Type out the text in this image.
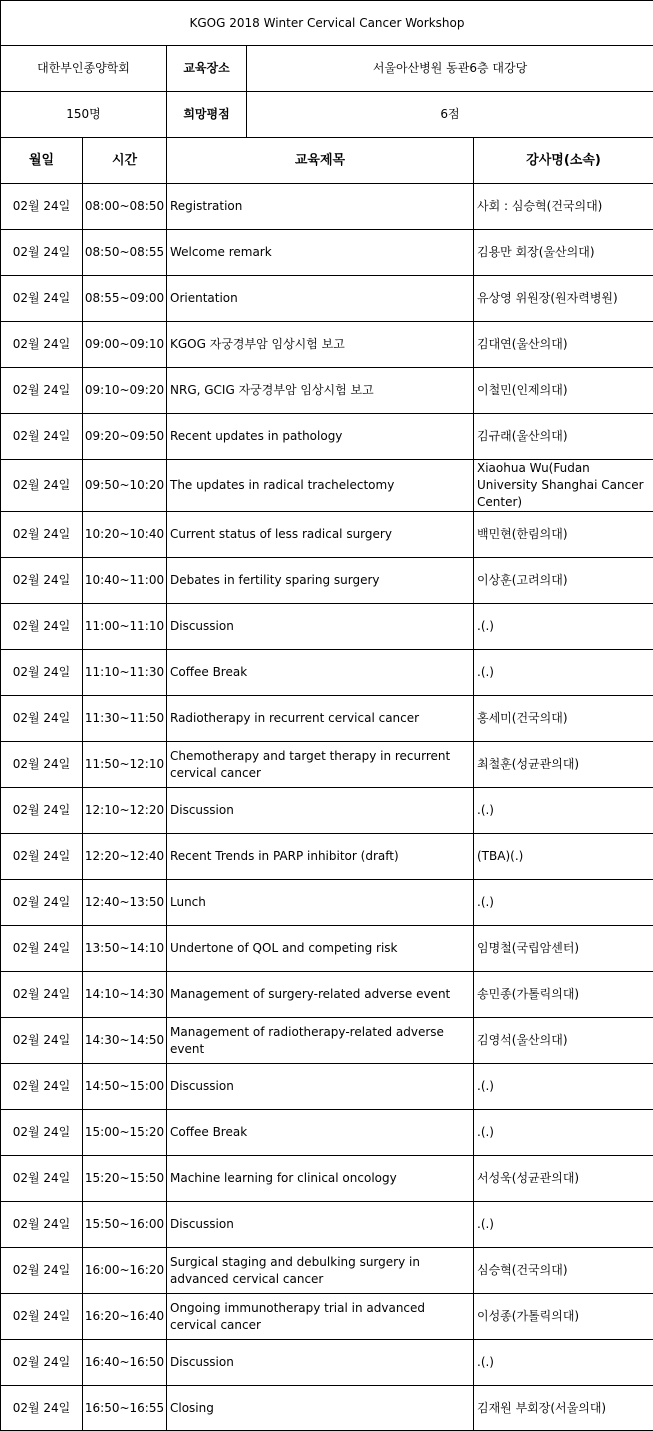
KGOG 2018 Winter Cervical Cancer Workshop				
대한부인종양학회		교육장소	서울아산병원 동관6층 대강당	
150명		희망평점	6점	
월일	시간	교육제목		강사명(소속)
02월 24일	08:00~08:50	Registration		사회 : 심승혁(건국의대)
02월 24일	08:50~08:55	Welcome remark		김용만 회장(울산의대)
02월 24일	08:55~09:00	Orientation		유상영 위원장(원자력병원)
02월 24일	09:00~09:10	KGOG 자궁경부암 임상시험 보고		김대연(울산의대)
02월 24일	09:10~09:20	NRG, GCIG 자궁경부암 임상시험 보고		이철민(인제의대)
02월 24일	09:20~09:50	Recent updates in pathology		김규래(울산의대)
02월 24일	09:50~10:20	The updates in radical trachelectomy		Xiaohua Wu(Fudan University Shanghai Cancer Center)
02월 24일	10:20~10:40	Current status of less radical surgery		백민현(한림의대)
02월 24일	10:40~11:00	Debates in fertility sparing surgery		이상훈(고려의대)
02월 24일	11:00~11:10	Discussion		.(.)
02월 24일	11:10~11:30	Coffee Break		.(.)
02월 24일	11:30~11:50	Radiotherapy in recurrent cervical cancer		홍세미(건국의대)
02월 24일	11:50~12:10	Chemotherapy and target therapy in recurrent cervical cancer		최철훈(성균관의대)
02월 24일	12:10~12:20	Discussion		.(.)
02월 24일	12:20~12:40	Recent Trends in PARP inhibitor (draft)		(TBA)(.)
02월 24일	12:40~13:50	Lunch		.(.)
02월 24일	13:50~14:10	Undertone of QOL and competing risk		임명철(국립암센터)
02월 24일	14:10~14:30	Management of surgery-related adverse event		송민종(가톨릭의대)
02월 24일	14:30~14:50	Management of radiotherapy-related adverse event		김영석(울산의대)
02월 24일	14:50~15:00	Discussion		.(.)
02월 24일	15:00~15:20	Coffee Break		.(.)
02월 24일	15:20~15:50	Machine learning for clinical oncology		서성욱(성균관의대)
02월 24일	15:50~16:00	Discussion		.(.)
02월 24일	16:00~16:20	Surgical staging and debulking surgery in advanced cervical cancer		심승혁(건국의대)
02월 24일	16:20~16:40	Ongoing immunotherapy trial in advanced cervical cancer		이성종(가톨릭의대)
02월 24일	16:40~16:50	Discussion		.(.)
02월 24일	16:50~16:55	Closing		김재원 부회장(서울의대)
